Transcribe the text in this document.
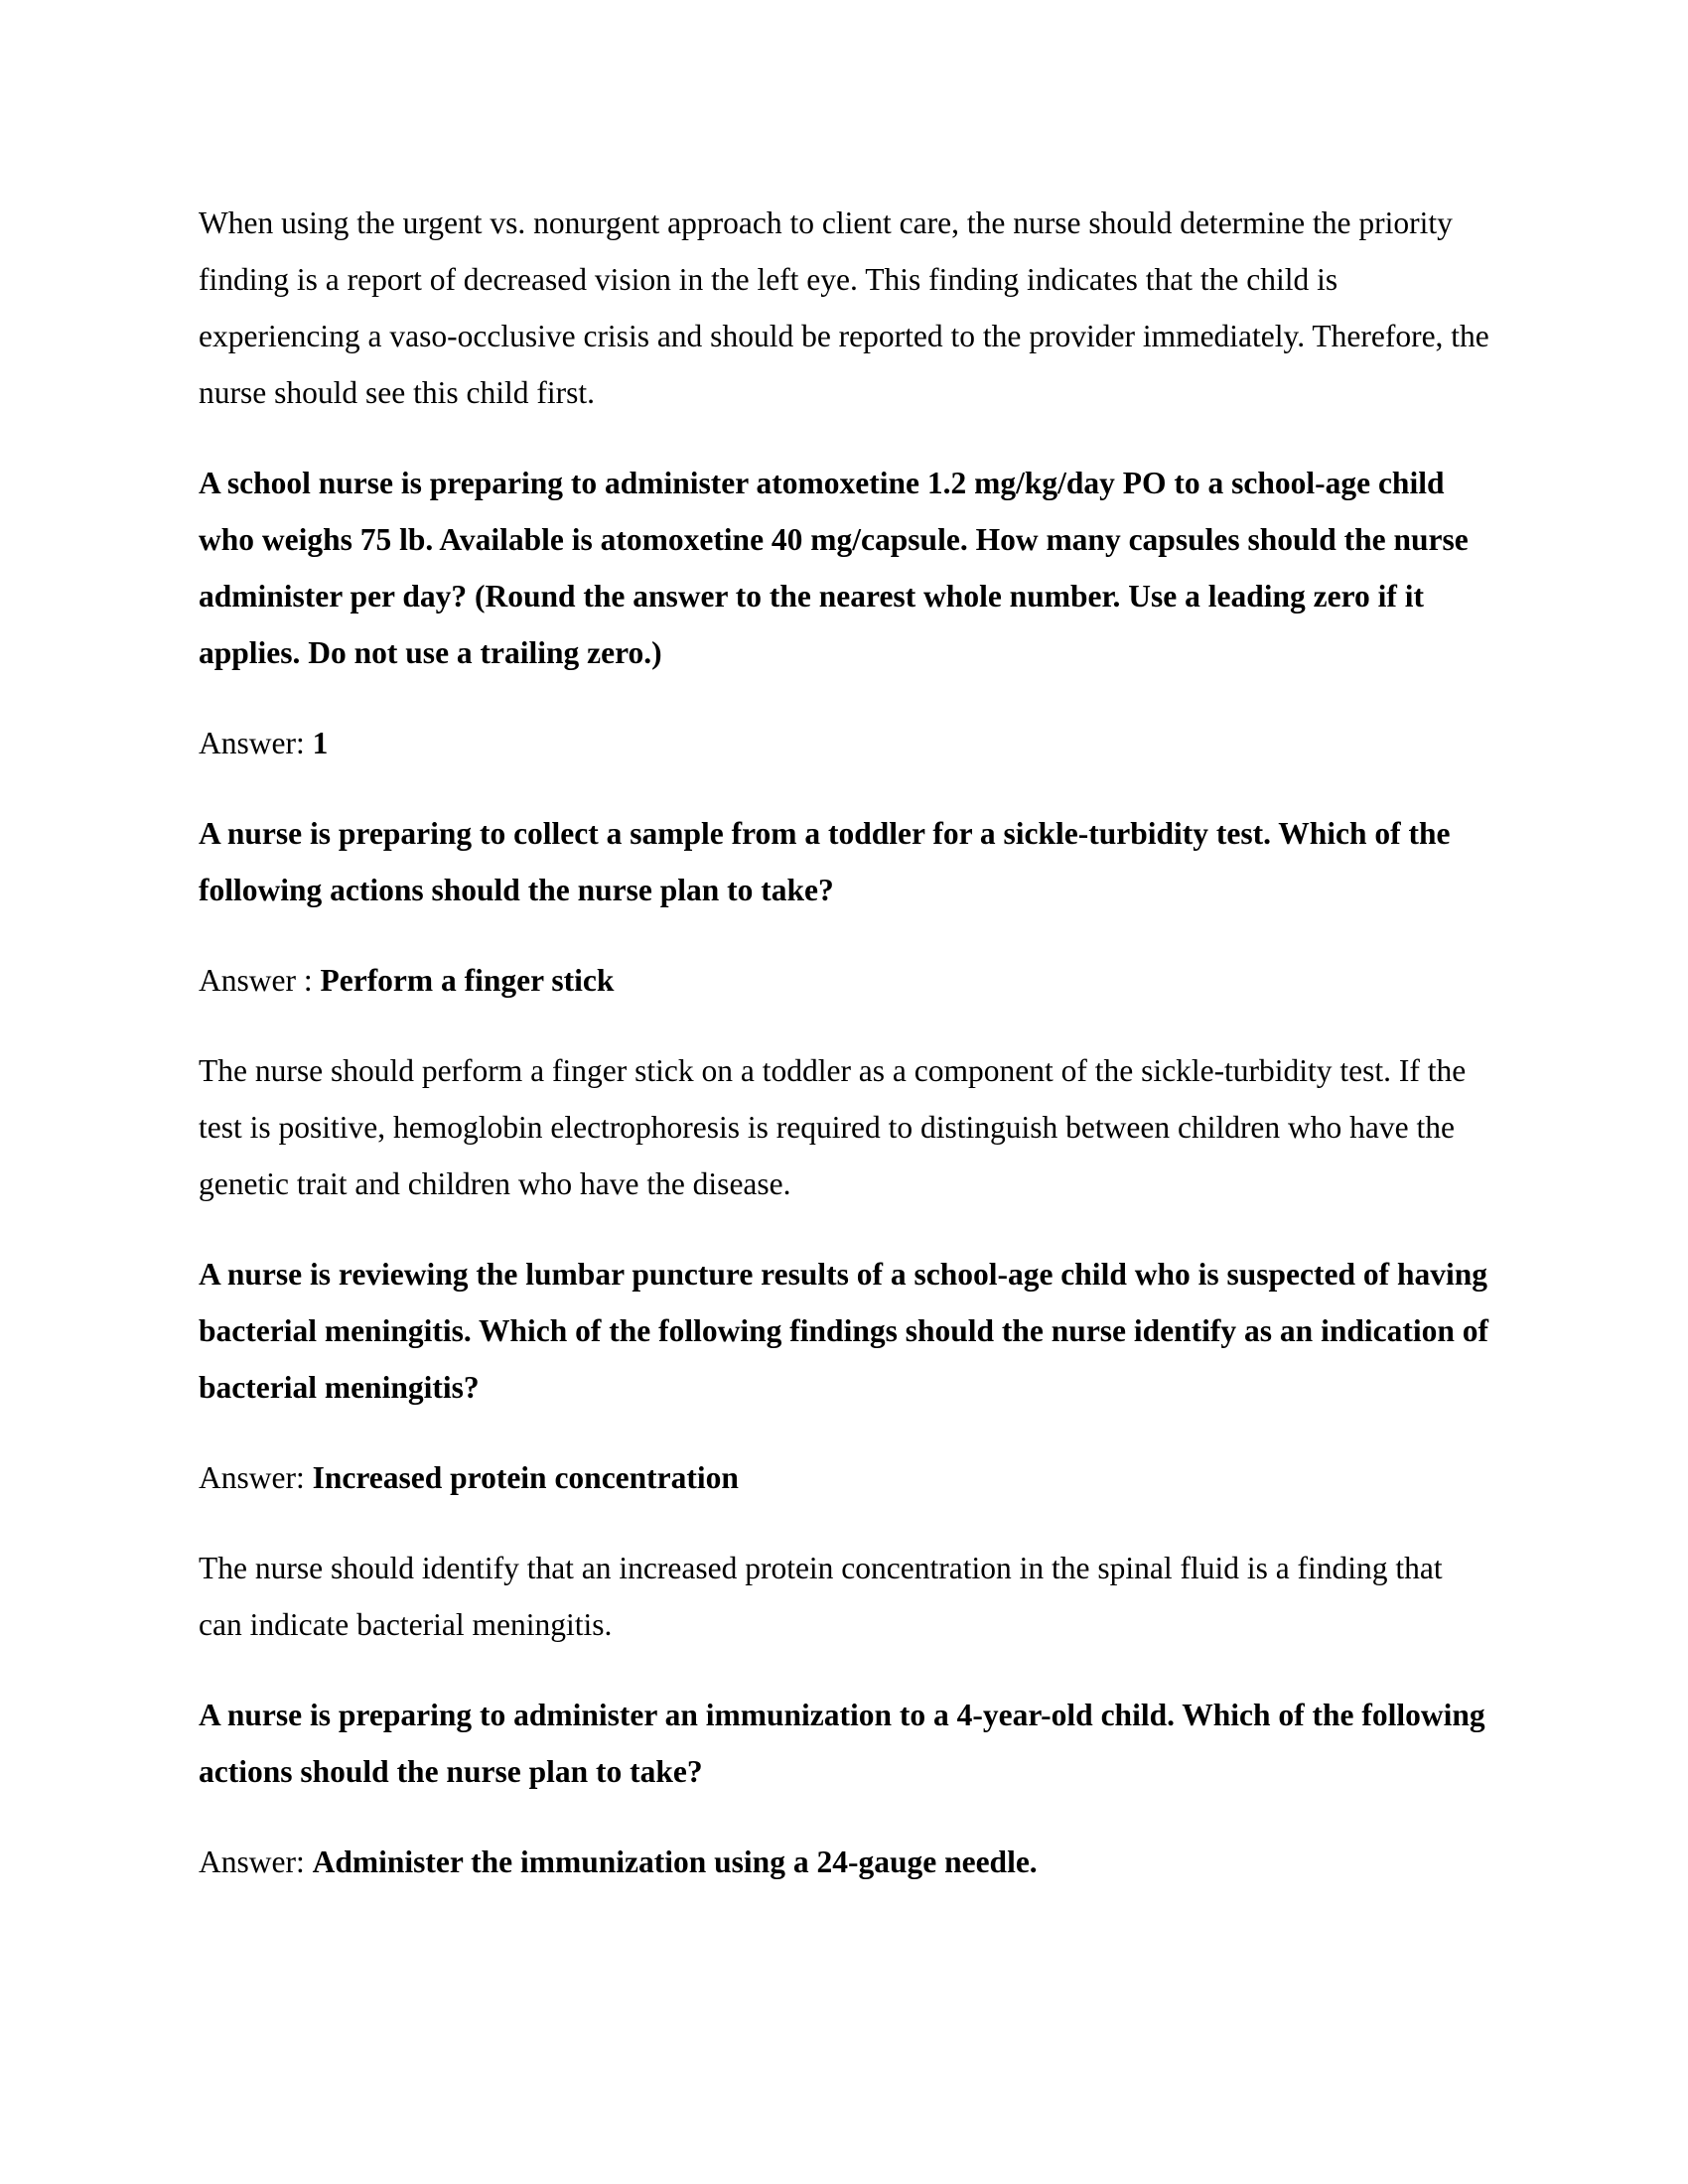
When using the urgent vs. nonurgent approach to client care, the nurse should determine the priority finding is a report of decreased vision in the left eye. This finding indicates that the child is experiencing a vaso-occlusive crisis and should be reported to the provider immediately. Therefore, the nurse should see this child first.

A school nurse is preparing to administer atomoxetine 1.2 mg/kg/day PO to a school-age child who weighs 75 lb. Available is atomoxetine 40 mg/capsule. How many capsules should the nurse administer per day? (Round the answer to the nearest whole number. Use a leading zero if it applies. Do not use a trailing zero.)

Answer: 1

A nurse is preparing to collect a sample from a toddler for a sickle-turbidity test. Which of the following actions should the nurse plan to take?

Answer : Perform a finger stick

The nurse should perform a finger stick on a toddler as a component of the sickle-turbidity test. If the test is positive, hemoglobin electrophoresis is required to distinguish between children who have the genetic trait and children who have the disease.

A nurse is reviewing the lumbar puncture results of a school-age child who is suspected of having bacterial meningitis. Which of the following findings should the nurse identify as an indication of bacterial meningitis?

Answer: Increased protein concentration

The nurse should identify that an increased protein concentration in the spinal fluid is a finding that can indicate bacterial meningitis.

A nurse is preparing to administer an immunization to a 4-year-old child. Which of the following actions should the nurse plan to take?

Answer: Administer the immunization using a 24-gauge needle.
